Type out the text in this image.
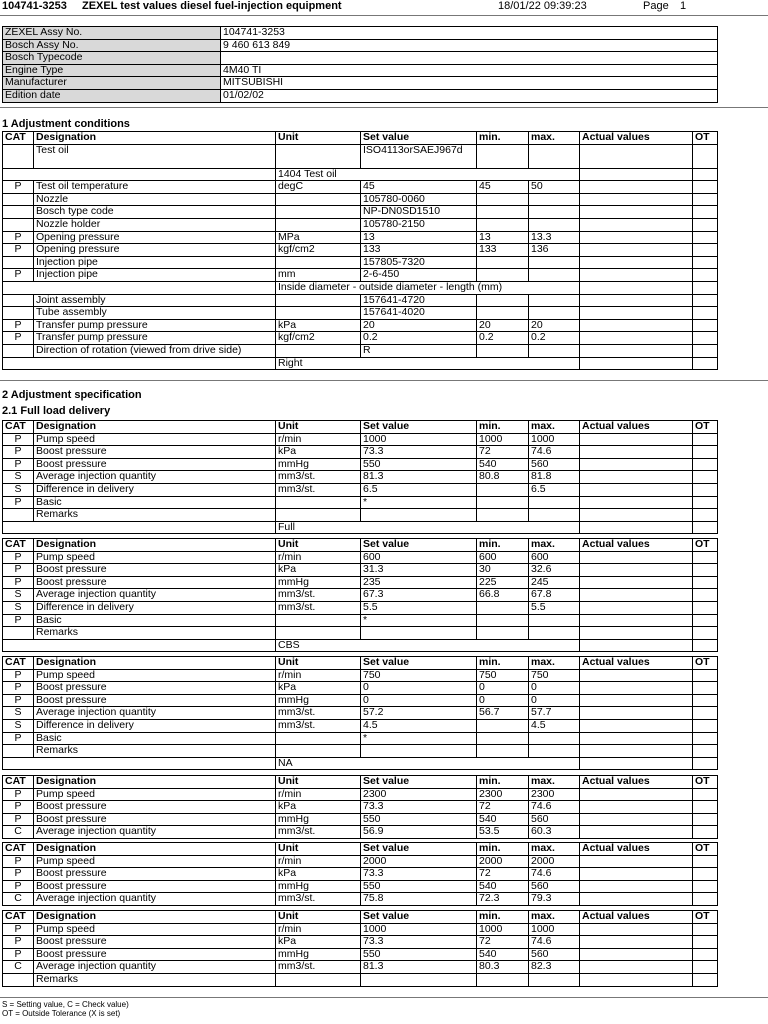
104741-3253 ZEXEL test values diesel fuel-injection equipment	18/01/22 09:39:23	Page 1
ZEXEL Assy No.	104741-3253
Bosch Assy No.	9 460 613 849
Bosch Typecode	
Engine Type	4M40 TI
Manufacturer	MITSUBISHI
Edition date	01/02/02
1 Adjustment conditions
CAT	Designation	Unit	Set value	min.	max.	Actual values	OT
	Test oil		ISO4113orSAEJ967d				
		1404 Test oil					
P	Test oil temperature	degC	45	45	50		
	Nozzle		105780-0060				
	Bosch type code		NP-DN0SD1510				
	Nozzle holder		105780-2150				
P	Opening pressure	MPa	13	13	13.3		
P	Opening pressure	kgf/cm2	133	133	136		
	Injection pipe		157805-7320				
P	Injection pipe	mm	2-6-450				
		Inside diameter - outside diameter - length (mm)					
	Joint assembly		157641-4720				
	Tube assembly		157641-4020				
P	Transfer pump pressure	kPa	20	20	20		
P	Transfer pump pressure	kgf/cm2	0.2	0.2	0.2		
	Direction of rotation (viewed from drive side)		R				
		Right					
2 Adjustment specification
2.1 Full load delivery
CAT	Designation	Unit	Set value	min.	max.	Actual values	OT
P	Pump speed	r/min	1000	1000	1000		
P	Boost pressure	kPa	73.3	72	74.6		
P	Boost pressure	mmHg	550	540	560		
S	Average injection quantity	mm3/st.	81.3	80.8	81.8		
S	Difference in delivery	mm3/st.	6.5		6.5		
P	Basic		*				
	Remarks						
		Full					
CAT	Designation	Unit	Set value	min.	max.	Actual values	OT
P	Pump speed	r/min	600	600	600		
P	Boost pressure	kPa	31.3	30	32.6		
P	Boost pressure	mmHg	235	225	245		
S	Average injection quantity	mm3/st.	67.3	66.8	67.8		
S	Difference in delivery	mm3/st.	5.5		5.5		
P	Basic		*				
	Remarks						
		CBS					
CAT	Designation	Unit	Set value	min.	max.	Actual values	OT
P	Pump speed	r/min	750	750	750		
P	Boost pressure	kPa	0	0	0		
P	Boost pressure	mmHg	0	0	0		
S	Average injection quantity	mm3/st.	57.2	56.7	57.7		
S	Difference in delivery	mm3/st.	4.5		4.5		
P	Basic		*				
	Remarks						
		NA					
CAT	Designation	Unit	Set value	min.	max.	Actual values	OT
P	Pump speed	r/min	2300	2300	2300		
P	Boost pressure	kPa	73.3	72	74.6		
P	Boost pressure	mmHg	550	540	560		
C	Average injection quantity	mm3/st.	56.9	53.5	60.3		
CAT	Designation	Unit	Set value	min.	max.	Actual values	OT
P	Pump speed	r/min	2000	2000	2000		
P	Boost pressure	kPa	73.3	72	74.6		
P	Boost pressure	mmHg	550	540	560		
C	Average injection quantity	mm3/st.	75.8	72.3	79.3		
CAT	Designation	Unit	Set value	min.	max.	Actual values	OT
P	Pump speed	r/min	1000	1000	1000		
P	Boost pressure	kPa	73.3	72	74.6		
P	Boost pressure	mmHg	550	540	560		
C	Average injection quantity	mm3/st.	81.3	80.3	82.3		
	Remarks						
S = Setting value, C = Check value)
OT = Outside Tolerance (X is set)
